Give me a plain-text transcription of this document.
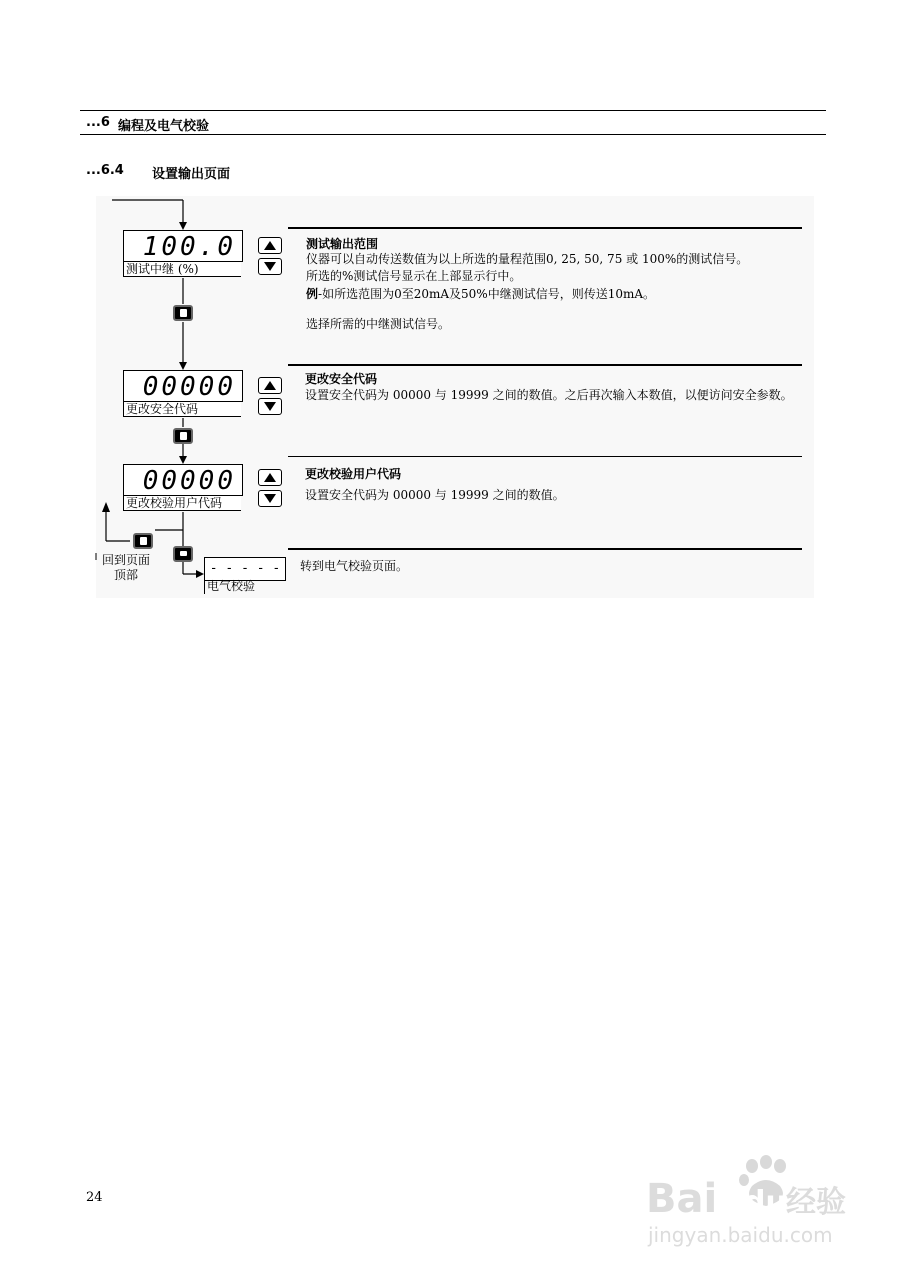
...6 编程及电气校验
...6.4 设置输出页面
100.0
测试中继 (%)
00000
更改安全代码
00000
更改校验用户代码
回到页面
顶部	- - - - -
电气校验
测试输出范围
仪器可以自动传送数值为以上所选的量程范围0, 25, 50, 75 或 100%的测试信号。
所选的%测试信号显示在上部显示行中。
例-如所选范围为0至20mA及50%中继测试信号，则传送10mA。
选择所需的中继测试信号。
更改安全代码
设置安全代码为 00000 与 19999 之间的数值。之后再次输入本数值，以便访问安全参数。
更改校验用户代码
设置安全代码为 00000 与 19999 之间的数值。
转到电气校验页面。
24	Bai du 经验
jingyan.baidu.com
